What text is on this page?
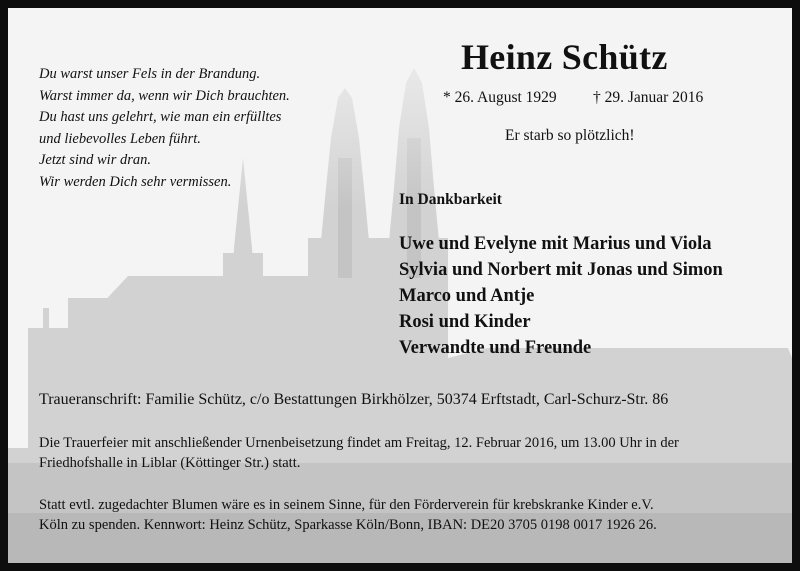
Du warst unser Fels in der Brandung.
Warst immer da, wenn wir Dich brauchten.
Du hast uns gelehrt, wie man ein erfülltes
und liebevolles Leben führt.
Jetzt sind wir dran.
Wir werden Dich sehr vermissen.
Heinz Schütz
* 26. August 1929 † 29. Januar 2016
Er starb so plötzlich!
In Dankbarkeit
Uwe und Evelyne mit Marius und Viola
Sylvia und Norbert mit Jonas und Simon
Marco und Antje
Rosi und Kinder
Verwandte und Freunde
Traueranschrift: Familie Schütz, c/o Bestattungen Birkhölzer, 50374 Erftstadt, Carl-Schurz-Str. 86
Die Trauerfeier mit anschließender Urnenbeisetzung findet am Freitag, 12. Februar 2016, um 13.00 Uhr in der
Friedhofshalle in Liblar (Köttinger Str.) statt.
Statt evtl. zugedachter Blumen wäre es in seinem Sinne, für den Förderverein für krebskranke Kinder e.V.
Köln zu spenden. Kennwort: Heinz Schütz, Sparkasse Köln/Bonn, IBAN: DE20 3705 0198 0017 1926 26.
